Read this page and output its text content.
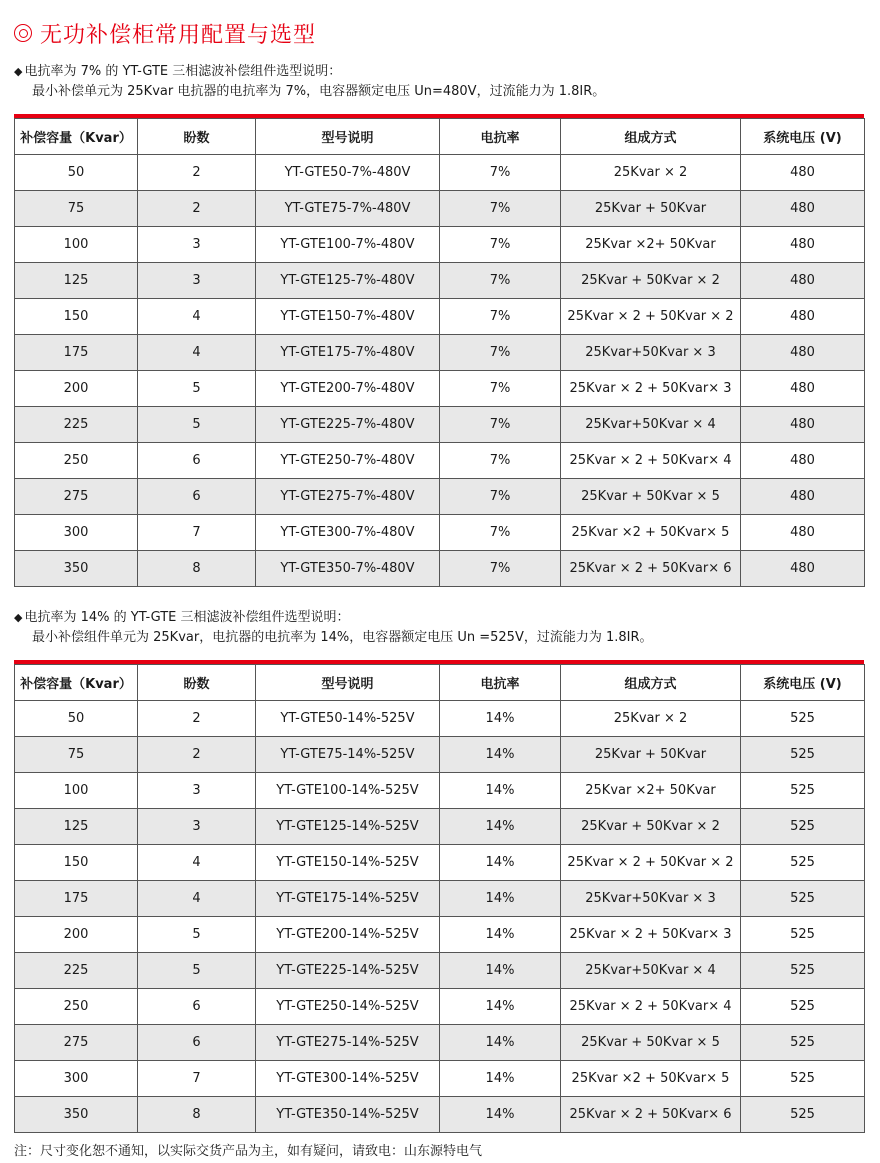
无功补偿柜常用配置与选型
◆ 电抗率为 7% 的 YT-GTE 三相滤波补偿组件选型说明：
最小补偿单元为 25Kvar 电抗器的电抗率为 7%，电容器额定电压 Un=480V，过流能力为 1.8IR。
补偿容量（Kvar）	盼数	型号说明	电抗率	组成方式	系统电压 (V)
50	2	YT-GTE50-7%-480V	7%	25Kvar × 2	480
75	2	YT-GTE75-7%-480V	7%	25Kvar + 50Kvar	480
100	3	YT-GTE100-7%-480V	7%	25Kvar ×2+ 50Kvar	480
125	3	YT-GTE125-7%-480V	7%	25Kvar + 50Kvar × 2	480
150	4	YT-GTE150-7%-480V	7%	25Kvar × 2 + 50Kvar × 2	480
175	4	YT-GTE175-7%-480V	7%	25Kvar+50Kvar × 3	480
200	5	YT-GTE200-7%-480V	7%	25Kvar × 2 + 50Kvar× 3	480
225	5	YT-GTE225-7%-480V	7%	25Kvar+50Kvar × 4	480
250	6	YT-GTE250-7%-480V	7%	25Kvar × 2 + 50Kvar× 4	480
275	6	YT-GTE275-7%-480V	7%	25Kvar + 50Kvar × 5	480
300	7	YT-GTE300-7%-480V	7%	25Kvar ×2 + 50Kvar× 5	480
350	8	YT-GTE350-7%-480V	7%	25Kvar × 2 + 50Kvar× 6	480
◆ 电抗率为 14% 的 YT-GTE 三相滤波补偿组件选型说明：
最小补偿组件单元为 25Kvar，电抗器的电抗率为 14%，电容器额定电压 Un =525V，过流能力为 1.8IR。
补偿容量（Kvar）	盼数	型号说明	电抗率	组成方式	系统电压 (V)
50	2	YT-GTE50-14%-525V	14%	25Kvar × 2	525
75	2	YT-GTE75-14%-525V	14%	25Kvar + 50Kvar	525
100	3	YT-GTE100-14%-525V	14%	25Kvar ×2+ 50Kvar	525
125	3	YT-GTE125-14%-525V	14%	25Kvar + 50Kvar × 2	525
150	4	YT-GTE150-14%-525V	14%	25Kvar × 2 + 50Kvar × 2	525
175	4	YT-GTE175-14%-525V	14%	25Kvar+50Kvar × 3	525
200	5	YT-GTE200-14%-525V	14%	25Kvar × 2 + 50Kvar× 3	525
225	5	YT-GTE225-14%-525V	14%	25Kvar+50Kvar × 4	525
250	6	YT-GTE250-14%-525V	14%	25Kvar × 2 + 50Kvar× 4	525
275	6	YT-GTE275-14%-525V	14%	25Kvar + 50Kvar × 5	525
300	7	YT-GTE300-14%-525V	14%	25Kvar ×2 + 50Kvar× 5	525
350	8	YT-GTE350-14%-525V	14%	25Kvar × 2 + 50Kvar× 6	525
注：尺寸变化恕不通知，以实际交货产品为主，如有疑问，请致电：山东源特电气
